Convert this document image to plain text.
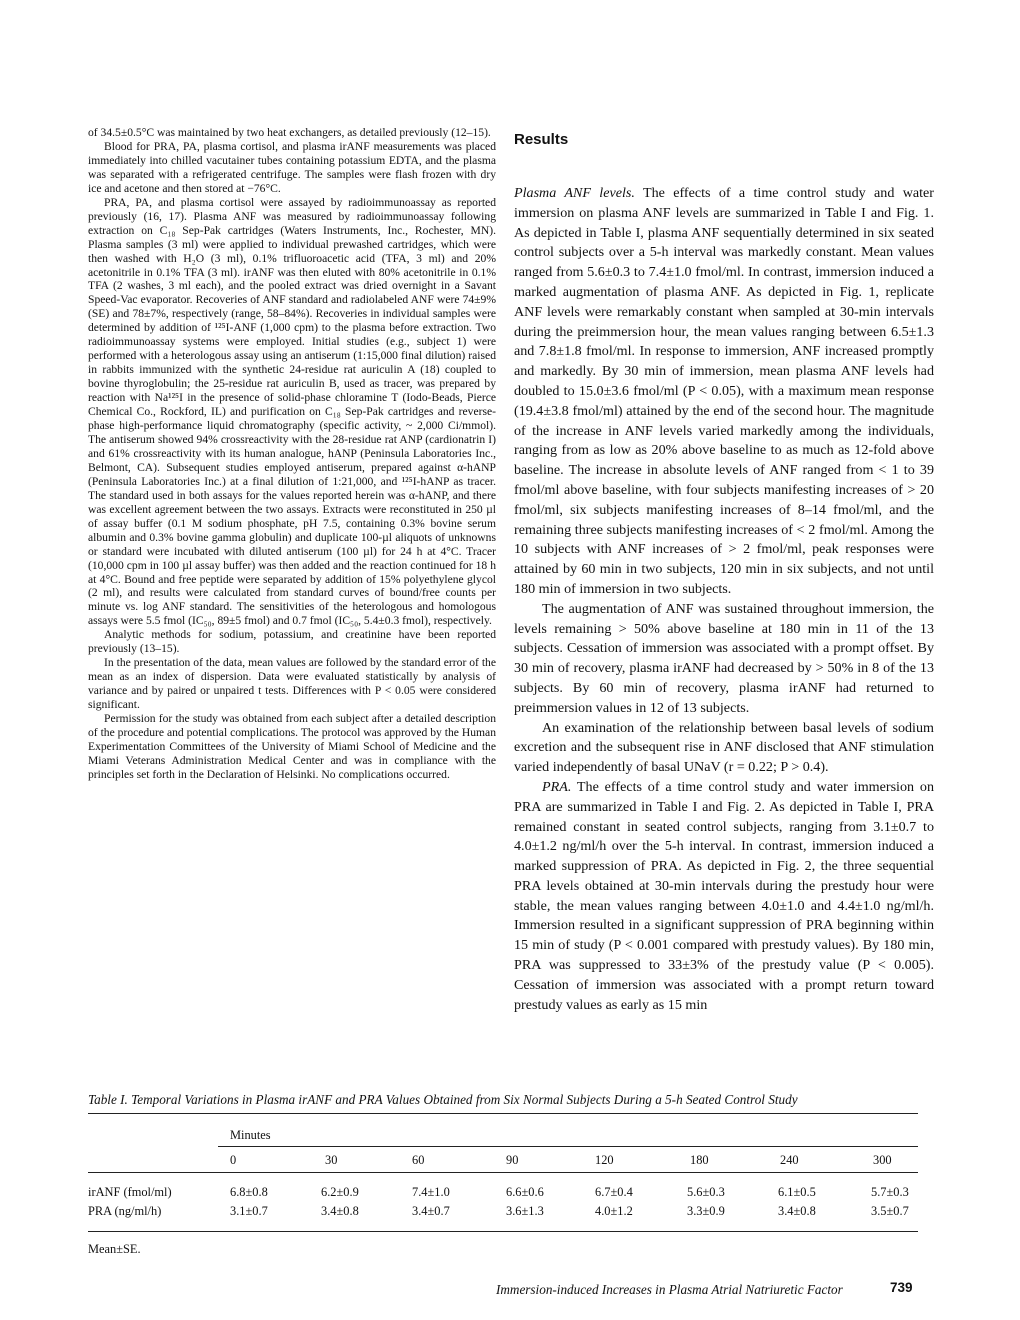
of 34.5±0.5°C was maintained by two heat exchangers, as detailed previously (12–15).

Blood for PRA, PA, plasma cortisol, and plasma irANF measurements was placed immediately into chilled vacutainer tubes containing potassium EDTA, and the plasma was separated with a refrigerated centrifuge. The samples were flash frozen with dry ice and acetone and then stored at −76°C.

PRA, PA, and plasma cortisol were assayed by radioimmunoassay as reported previously (16, 17). Plasma ANF was measured by radioimmunoassay following extraction on C₁₈ Sep-Pak cartridges (Waters Instruments, Inc., Rochester, MN). Plasma samples (3 ml) were applied to individual prewashed cartridges, which were then washed with H₂O (3 ml), 0.1% trifluoroacetic acid (TFA, 3 ml) and 20% acetonitrile in 0.1% TFA (3 ml). irANF was then eluted with 80% acetonitrile in 0.1% TFA (2 washes, 3 ml each), and the pooled extract was dried overnight in a Savant Speed-Vac evaporator. Recoveries of ANF standard and radiolabeled ANF were 74±9% (SE) and 78±7%, respectively (range, 58–84%). Recoveries in individual samples were determined by addition of ¹²⁵I-ANF (1,000 cpm) to the plasma before extraction. Two radioimmunoassay systems were employed. Initial studies (e.g., subject 1) were performed with a heterologous assay using an antiserum (1:15,000 final dilution) raised in rabbits immunized with the synthetic 24-residue rat auriculin A (18) coupled to bovine thyroglobulin; the 25-residue rat auriculin B, used as tracer, was prepared by reaction with Na¹²⁵I in the presence of solid-phase chloramine T (Iodo-Beads, Pierce Chemical Co., Rockford, IL) and purification on C₁₈ Sep-Pak cartridges and reverse-phase high-performance liquid chromatography (specific activity, ~ 2,000 Ci/mmol). The antiserum showed 94% crossreactivity with the 28-residue rat ANP (cardionatrin I) and 61% crossreactivity with its human analogue, hANP (Peninsula Laboratories Inc., Belmont, CA). Subsequent studies employed antiserum, prepared against α-hANP (Peninsula Laboratories Inc.) at a final dilution of 1:21,000, and ¹²⁵I-hANP as tracer. The standard used in both assays for the values reported herein was α-hANP, and there was excellent agreement between the two assays. Extracts were reconstituted in 250 µl of assay buffer (0.1 M sodium phosphate, pH 7.5, containing 0.3% bovine serum albumin and 0.3% bovine gamma globulin) and duplicate 100-µl aliquots of unknowns or standard were incubated with diluted antiserum (100 µl) for 24 h at 4°C. Tracer (10,000 cpm in 100 µl assay buffer) was then added and the reaction continued for 18 h at 4°C. Bound and free peptide were separated by addition of 15% polyethylene glycol (2 ml), and results were calculated from standard curves of bound/free counts per minute vs. log ANF standard. The sensitivities of the heterologous and homologous assays were 5.5 fmol (IC₅₀, 89±5 fmol) and 0.7 fmol (IC₅₀, 5.4±0.3 fmol), respectively.

Analytic methods for sodium, potassium, and creatinine have been reported previously (13–15).

In the presentation of the data, mean values are followed by the standard error of the mean as an index of dispersion. Data were evaluated statistically by analysis of variance and by paired or unpaired t tests. Differences with P < 0.05 were considered significant.

Permission for the study was obtained from each subject after a detailed description of the procedure and potential complications. The protocol was approved by the Human Experimentation Committees of the University of Miami School of Medicine and the Miami Veterans Administration Medical Center and was in compliance with the principles set forth in the Declaration of Helsinki. No complications occurred.

Results

Plasma ANF levels. The effects of a time control study and water immersion on plasma ANF levels are summarized in Table I and Fig. 1. As depicted in Table I, plasma ANF sequentially determined in six seated control subjects over a 5-h interval was markedly constant. Mean values ranged from 5.6±0.3 to 7.4±1.0 fmol/ml. In contrast, immersion induced a marked augmentation of plasma ANF. As depicted in Fig. 1, replicate ANF levels were remarkably constant when sampled at 30-min intervals during the preimmersion hour, the mean values ranging between 6.5±1.3 and 7.8±1.8 fmol/ml. In response to immersion, ANF increased promptly and markedly. By 30 min of immersion, mean plasma ANF levels had doubled to 15.0±3.6 fmol/ml (P < 0.05), with a maximum mean response (19.4±3.8 fmol/ml) attained by the end of the second hour. The magnitude of the increase in ANF levels varied markedly among the individuals, ranging from as low as 20% above baseline to as much as 12-fold above baseline. The increase in absolute levels of ANF ranged from < 1 to 39 fmol/ml above baseline, with four subjects manifesting increases of > 20 fmol/ml, six subjects manifesting increases of 8–14 fmol/ml, and the remaining three subjects manifesting increases of < 2 fmol/ml. Among the 10 subjects with ANF increases of > 2 fmol/ml, peak responses were attained by 60 min in two subjects, 120 min in six subjects, and not until 180 min of immersion in two subjects.

The augmentation of ANF was sustained throughout immersion, the levels remaining > 50% above baseline at 180 min in 11 of the 13 subjects. Cessation of immersion was associated with a prompt offset. By 30 min of recovery, plasma irANF had decreased by > 50% in 8 of the 13 subjects. By 60 min of recovery, plasma irANF had returned to preimmersion values in 12 of 13 subjects.

An examination of the relationship between basal levels of sodium excretion and the subsequent rise in ANF disclosed that ANF stimulation varied independently of basal UNaV (r = 0.22; P > 0.4).

PRA. The effects of a time control study and water immersion on PRA are summarized in Table I and Fig. 2. As depicted in Table I, PRA remained constant in seated control subjects, ranging from 3.1±0.7 to 4.0±1.2 ng/ml/h over the 5-h interval. In contrast, immersion induced a marked suppression of PRA. As depicted in Fig. 2, the three sequential PRA levels obtained at 30-min intervals during the prestudy hour were stable, the mean values ranging between 4.0±1.0 and 4.4±1.0 ng/ml/h. Immersion resulted in a significant suppression of PRA beginning within 15 min of study (P < 0.001 compared with prestudy values). By 180 min, PRA was suppressed to 33±3% of the prestudy value (P < 0.005). Cessation of immersion was associated with a prompt return toward prestudy values as early as 15 min

Table I. Temporal Variations in Plasma irANF and PRA Values Obtained from Six Normal Subjects During a 5-h Seated Control Study
Minutes
0	30	60	90	120	180	240	300
irANF (fmol/ml)	6.8±0.8	6.2±0.9	7.4±1.0	6.6±0.6	6.7±0.4	5.6±0.3	6.1±0.5	5.7±0.3
PRA (ng/ml/h)	3.1±0.7	3.4±0.8	3.4±0.7	3.6±1.3	4.0±1.2	3.3±0.9	3.4±0.8	3.5±0.7
Mean±SE.
Immersion-induced Increases in Plasma Atrial Natriuretic Factor	739
